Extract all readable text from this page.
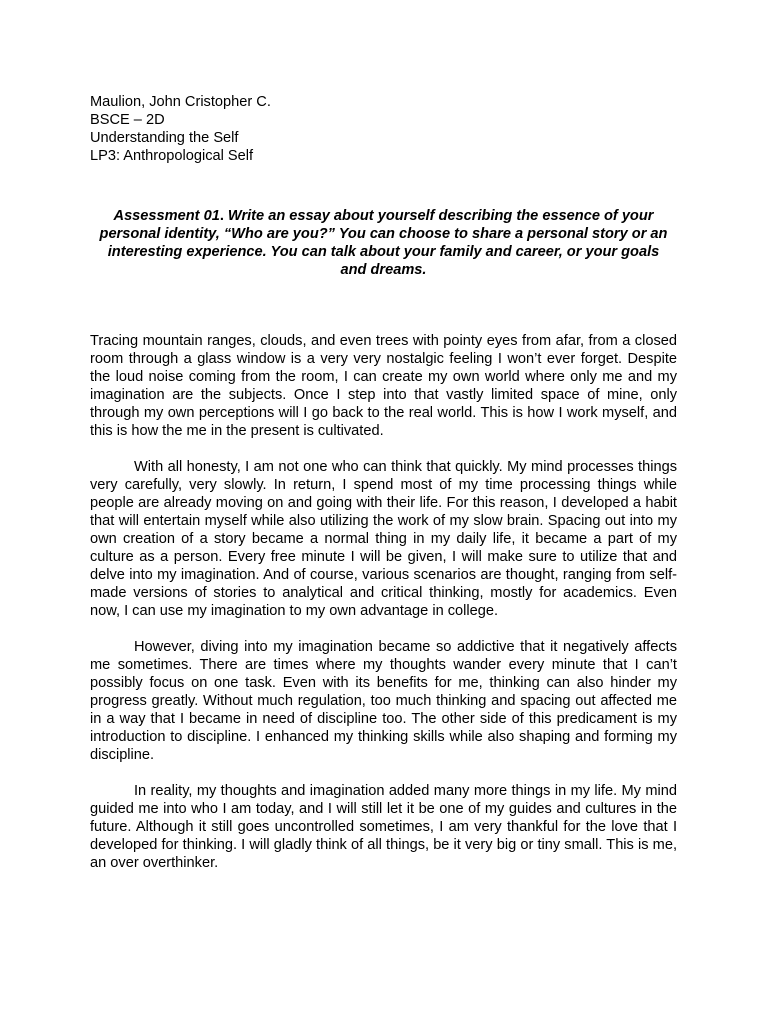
Maulion, John Cristopher C.

BSCE – 2D

Understanding the Self

LP3: Anthropological Self

Assessment 01. Write an essay about yourself describing the essence of your personal identity, “Who are you?” You can choose to share a personal story or an interesting experience. You can talk about your family and career, or your goals and dreams.

Tracing mountain ranges, clouds, and even trees with pointy eyes from afar, from a closed room through a glass window is a very very nostalgic feeling I won’t ever forget. Despite the loud noise coming from the room, I can create my own world where only me and my imagination are the subjects. Once I step into that vastly limited space of mine, only through my own perceptions will I go back to the real world. This is how I work myself, and this is how the me in the present is cultivated.

With all honesty, I am not one who can think that quickly. My mind processes things very carefully, very slowly. In return, I spend most of my time processing things while people are already moving on and going with their life. For this reason, I developed a habit that will entertain myself while also utilizing the work of my slow brain. Spacing out into my own creation of a story became a normal thing in my daily life, it became a part of my culture as a person. Every free minute I will be given, I will make sure to utilize that and delve into my imagination. And of course, various scenarios are thought, ranging from self-made versions of stories to analytical and critical thinking, mostly for academics. Even now, I can use my imagination to my own advantage in college.

However, diving into my imagination became so addictive that it negatively affects me sometimes. There are times where my thoughts wander every minute that I can’t possibly focus on one task. Even with its benefits for me, thinking can also hinder my progress greatly. Without much regulation, too much thinking and spacing out affected me in a way that I became in need of discipline too. The other side of this predicament is my introduction to discipline. I enhanced my thinking skills while also shaping and forming my discipline.

In reality, my thoughts and imagination added many more things in my life. My mind guided me into who I am today, and I will still let it be one of my guides and cultures in the future. Although it still goes uncontrolled sometimes, I am very thankful for the love that I developed for thinking. I will gladly think of all things, be it very big or tiny small. This is me, an over overthinker.
